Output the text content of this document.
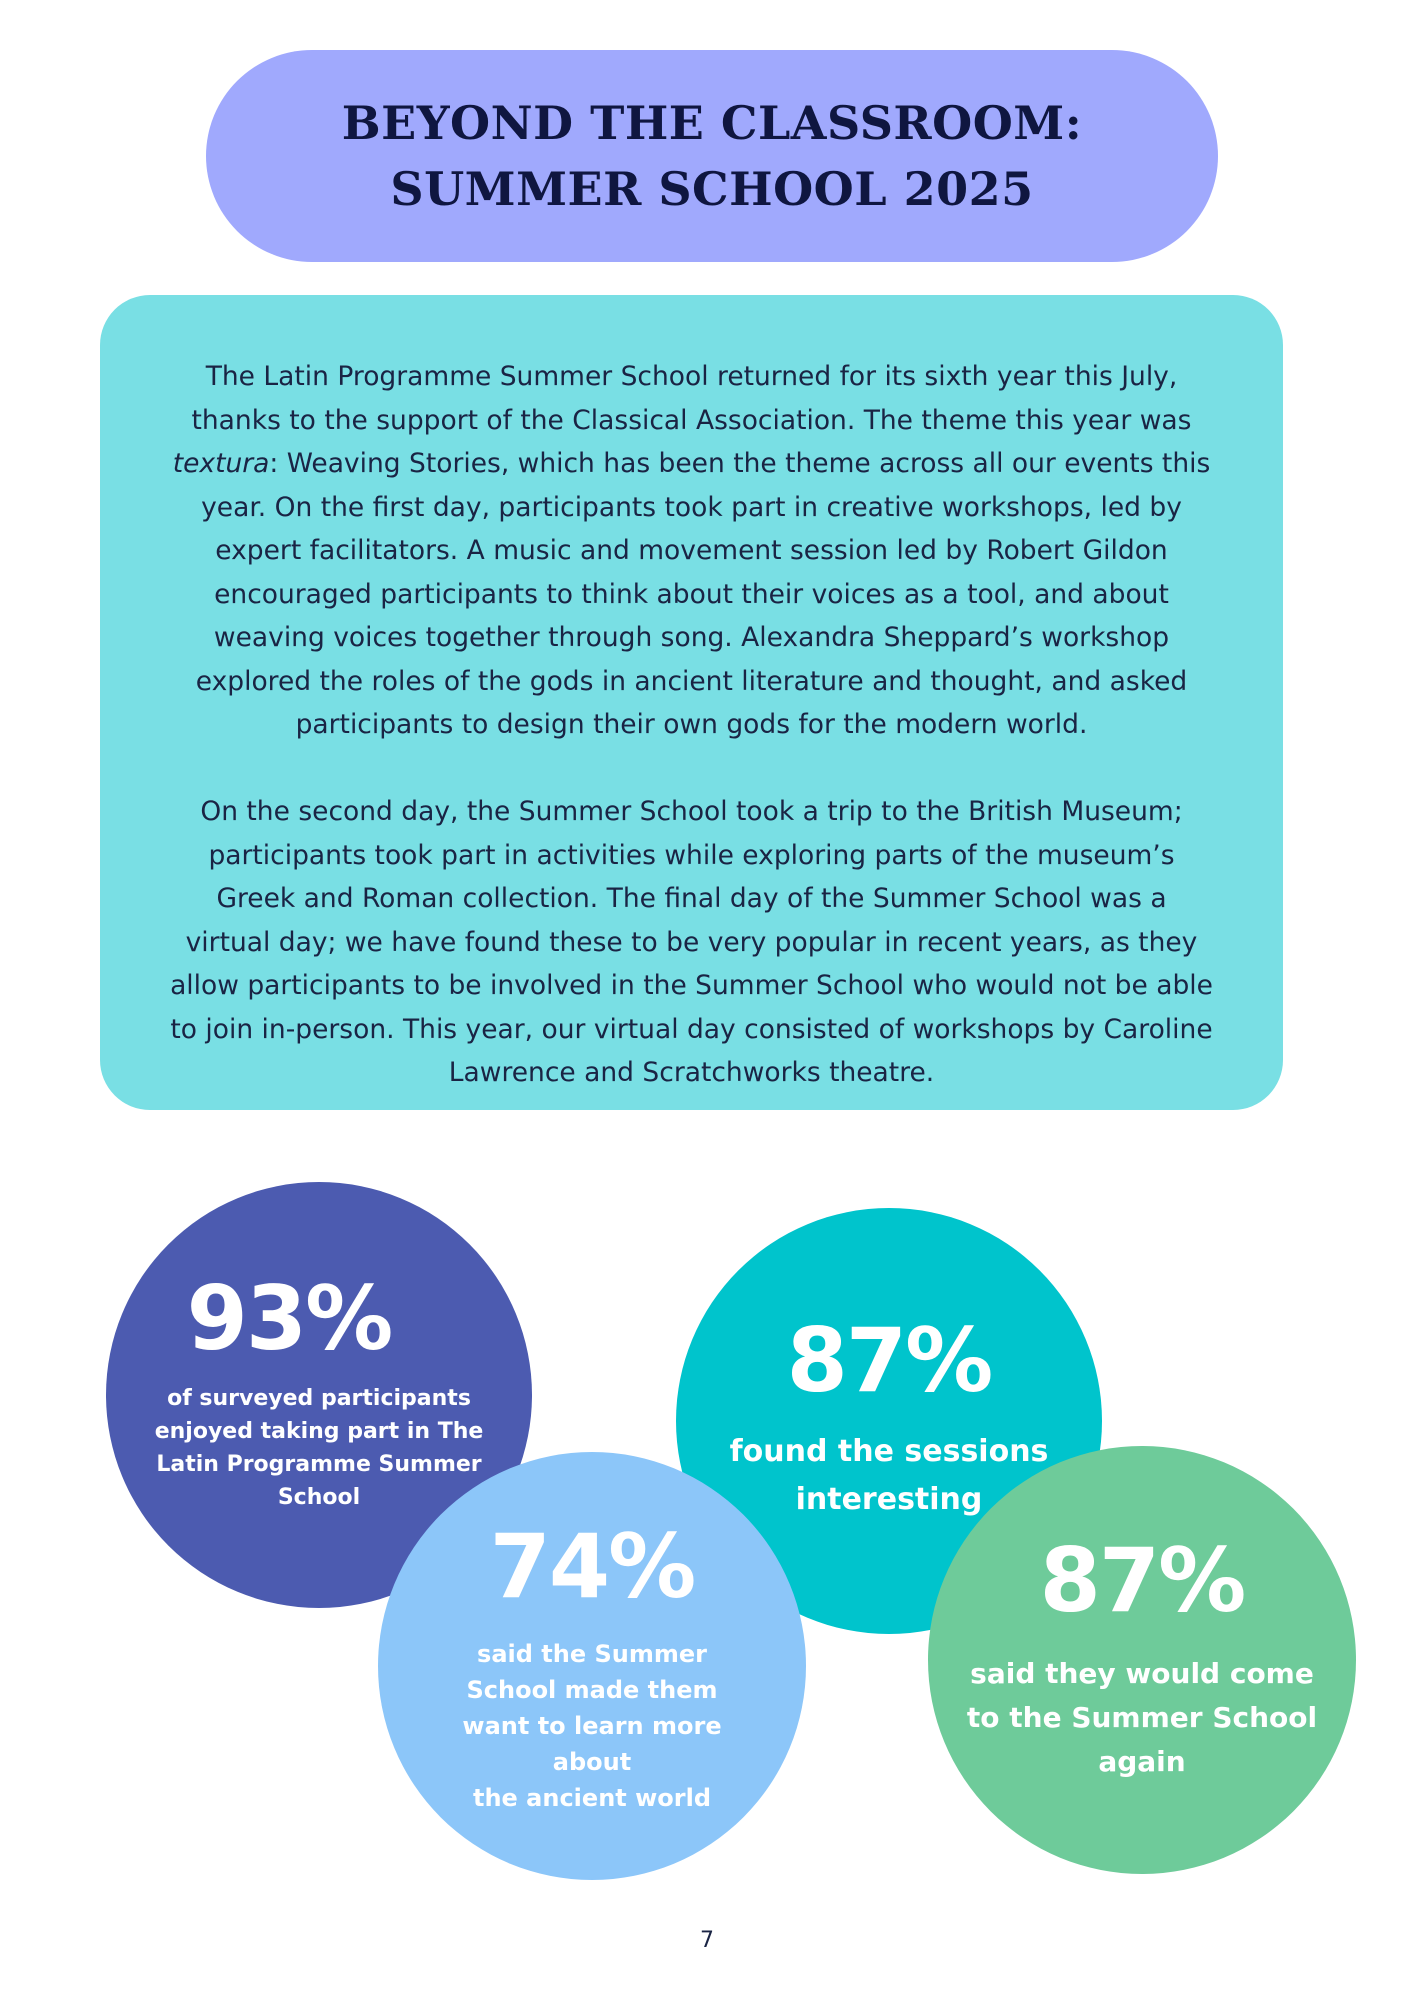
BEYOND THE CLASSROOM:
SUMMER SCHOOL 2025

The Latin Programme Summer School returned for its sixth year this July, thanks to the support of the Classical Association. The theme this year was textura: Weaving Stories, which has been the theme across all our events this year. On the first day, participants took part in creative workshops, led by expert facilitators. A music and movement session led by Robert Gildon encouraged participants to think about their voices as a tool, and about weaving voices together through song. Alexandra Sheppard’s workshop explored the roles of the gods in ancient literature and thought, and asked participants to design their own gods for the modern world.

On the second day, the Summer School took a trip to the British Museum; participants took part in activities while exploring parts of the museum’s Greek and Roman collection. The final day of the Summer School was a virtual day; we have found these to be very popular in recent years, as they allow participants to be involved in the Summer School who would not be able to join in-person. This year, our virtual day consisted of workshops by Caroline Lawrence and Scratchworks theatre.

93%

of surveyed participants
enjoyed taking part in The
Latin Programme Summer
School

87%

found the sessions
interesting

74%

said the Summer
School made them
want to learn more
about
the ancient world

87%

said they would come
to the Summer School
again

7
